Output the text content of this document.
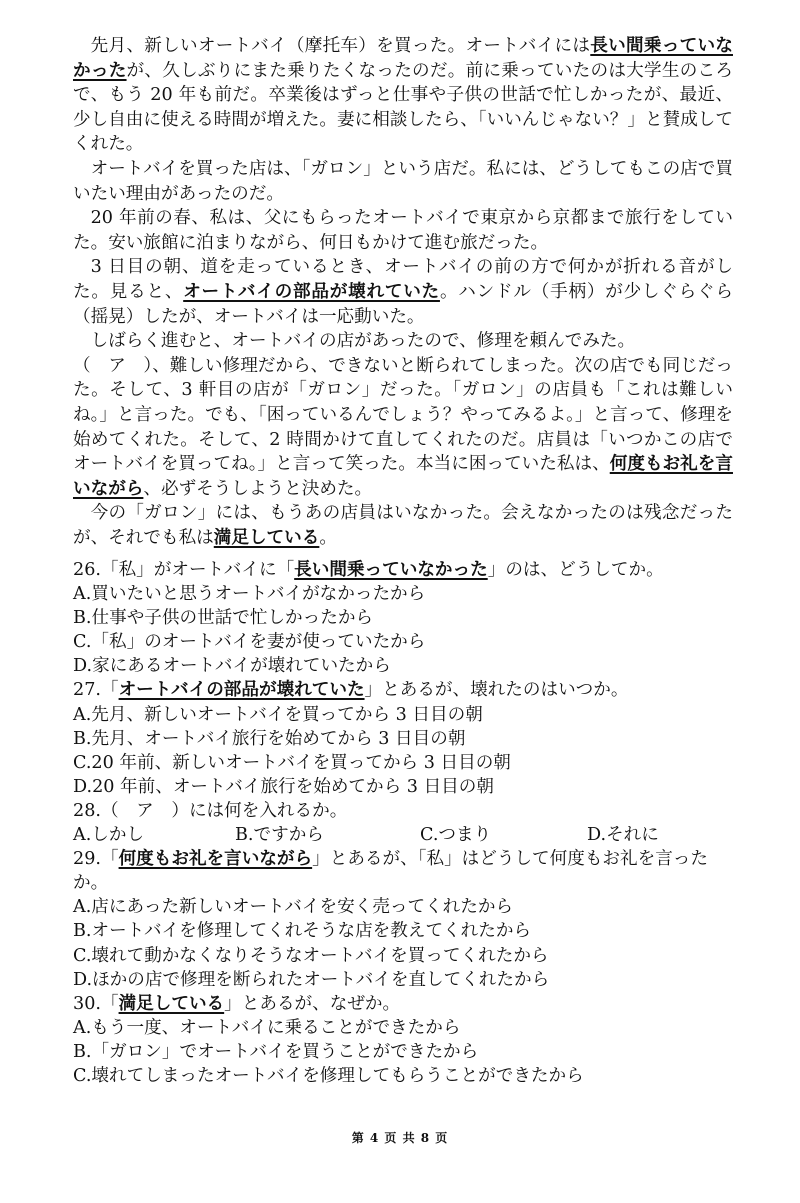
先月、新しいオートバイ（摩托车）を買った。オートバイには長い間乗っていなかったが、久しぶりにまた乗りたくなったのだ。前に乗っていたのは大学生のころで、もう 20 年も前だ。卒業後はずっと仕事や子供の世話で忙しかったが、最近、少し自由に使える時間が増えた。妻に相談したら、「いいんじゃない？」と賛成してくれた。

オートバイを買った店は、「ガロン」という店だ。私には、どうしてもこの店で買いたい理由があったのだ。

20 年前の春、私は、父にもらったオートバイで東京から京都まで旅行をしていた。安い旅館に泊まりながら、何日もかけて進む旅だった。

3 日目の朝、道を走っているとき、オートバイの前の方で何かが折れる音がした。見ると、オートバイの部品が壊れていた。ハンドル（手柄）が少しぐらぐら（摇晃）したが、オートバイは一応動いた。

しばらく進むと、オートバイの店があったので、修理を頼んでみた。

（　ア　）、難しい修理だから、できないと断られてしまった。次の店でも同じだった。そして、3 軒目の店が「ガロン」だった。「ガロン」の店員も「これは難しいね。」と言った。でも、「困っているんでしょう？やってみるよ。」と言って、修理を始めてくれた。そして、2 時間かけて直してくれたのだ。店員は「いつかこの店でオートバイを買ってね。」と言って笑った。本当に困っていた私は、何度もお礼を言いながら、必ずそうしようと決めた。

今の「ガロン」には、もうあの店員はいなかった。会えなかったのは残念だったが、それでも私は満足している。

26.「私」がオートバイに「長い間乗っていなかった」のは、どうしてか。

A.買いたいと思うオートバイがなかったから

B.仕事や子供の世話で忙しかったから

C.「私」のオートバイを妻が使っていたから

D.家にあるオートバイが壊れていたから

27.「オートバイの部品が壊れていた」とあるが、壊れたのはいつか。

A.先月、新しいオートバイを買ってから 3 日目の朝

B.先月、オートバイ旅行を始めてから 3 日目の朝

C.20 年前、新しいオートバイを買ってから 3 日目の朝

D.20 年前、オートバイ旅行を始めてから 3 日目の朝

28.（　ア　）には何を入れるか。

A.しかし	B.ですから	C.つまり	D.それに

29.「何度もお礼を言いながら」とあるが、「私」はどうして何度もお礼を言ったか。

A.店にあった新しいオートバイを安く売ってくれたから

B.オートバイを修理してくれそうな店を教えてくれたから

C.壊れて動かなくなりそうなオートバイを買ってくれたから

D.ほかの店で修理を断られたオートバイを直してくれたから

30.「満足している」とあるが、なぜか。

A.もう一度、オートバイに乗ることができたから

B.「ガロン」でオートバイを買うことができたから

C.壊れてしまったオートバイを修理してもらうことができたから

第 4 页 共 8 页
